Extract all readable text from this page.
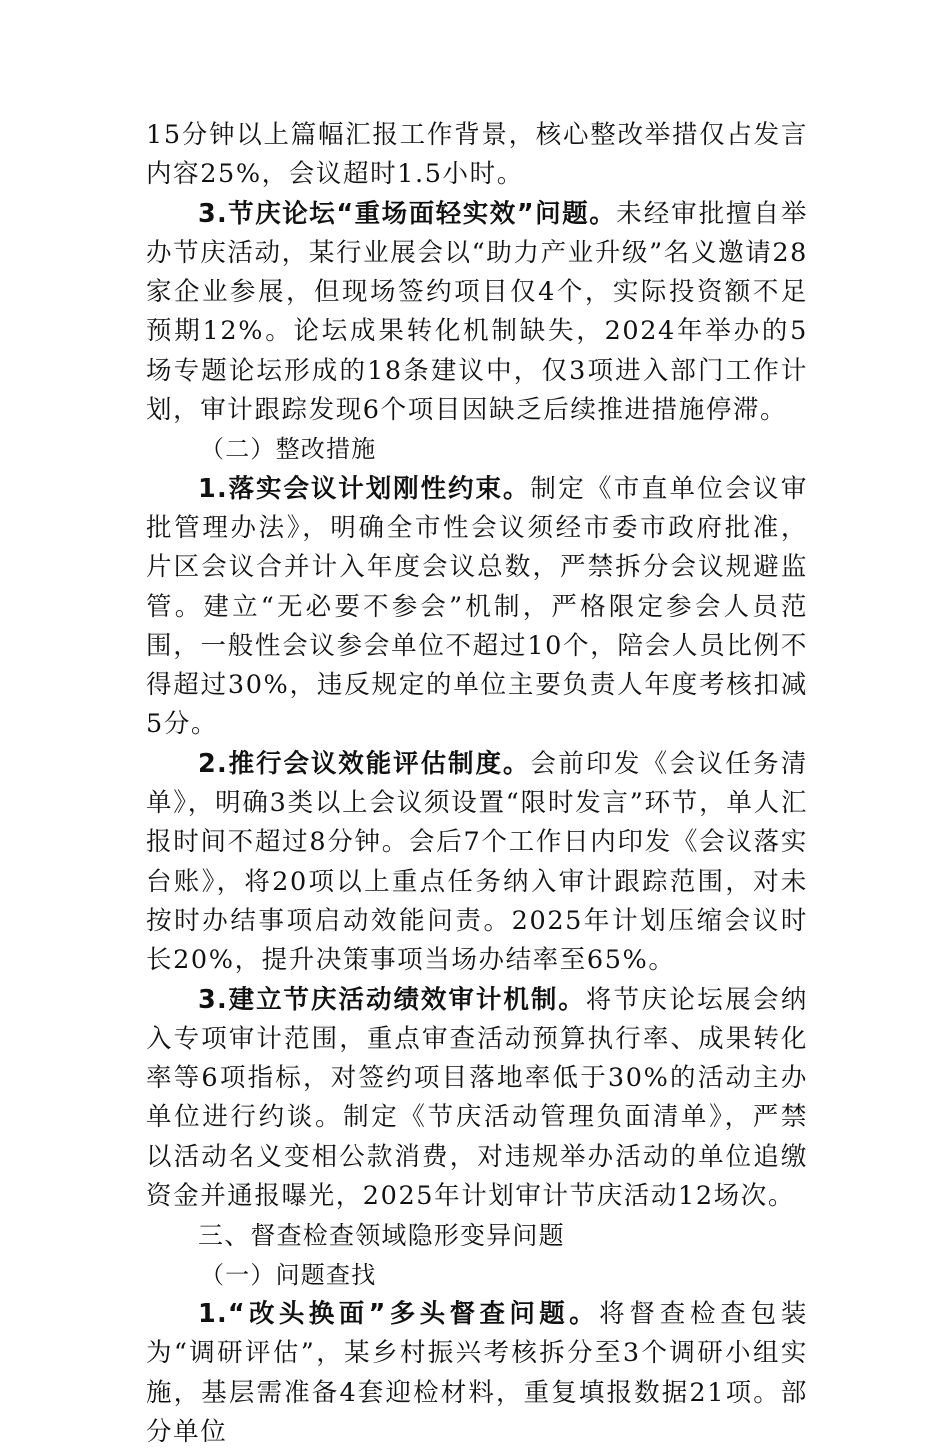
15分钟以上篇幅汇报工作背景，核心整改举措仅占发言内容25%，会议超时1.5小时。

3.节庆论坛“重场面轻实效”问题。未经审批擅自举办节庆活动，某行业展会以“助力产业升级”名义邀请28家企业参展，但现场签约项目仅4个，实际投资额不足预期12%。论坛成果转化机制缺失，2024年举办的5场专题论坛形成的18条建议中，仅3项进入部门工作计划，审计跟踪发现6个项目因缺乏后续推进措施停滞。

（二）整改措施

1.落实会议计划刚性约束。制定《市直单位会议审批管理办法》，明确全市性会议须经市委市政府批准，片区会议合并计入年度会议总数，严禁拆分会议规避监管。建立“无必要不参会”机制，严格限定参会人员范围，一般性会议参会单位不超过10个，陪会人员比例不得超过30%，违反规定的单位主要负责人年度考核扣减5分。

2.推行会议效能评估制度。会前印发《会议任务清单》，明确3类以上会议须设置“限时发言”环节，单人汇报时间不超过8分钟。会后7个工作日内印发《会议落实台账》，将20项以上重点任务纳入审计跟踪范围，对未按时办结事项启动效能问责。2025年计划压缩会议时长20%，提升决策事项当场办结率至65%。

3.建立节庆活动绩效审计机制。将节庆论坛展会纳入专项审计范围，重点审查活动预算执行率、成果转化率等6项指标，对签约项目落地率低于30%的活动主办单位进行约谈。制定《节庆活动管理负面清单》，严禁以活动名义变相公款消费，对违规举办活动的单位追缴资金并通报曝光，2025年计划审计节庆活动12场次。

三、督查检查领域隐形变异问题

（一）问题查找

1.“改头换面”多头督查问题。将督查检查包装为“调研评估”，某乡村振兴考核拆分至3个调研小组实施，基层需准备4套迎检材料，重复填报数据21项。部分单位
